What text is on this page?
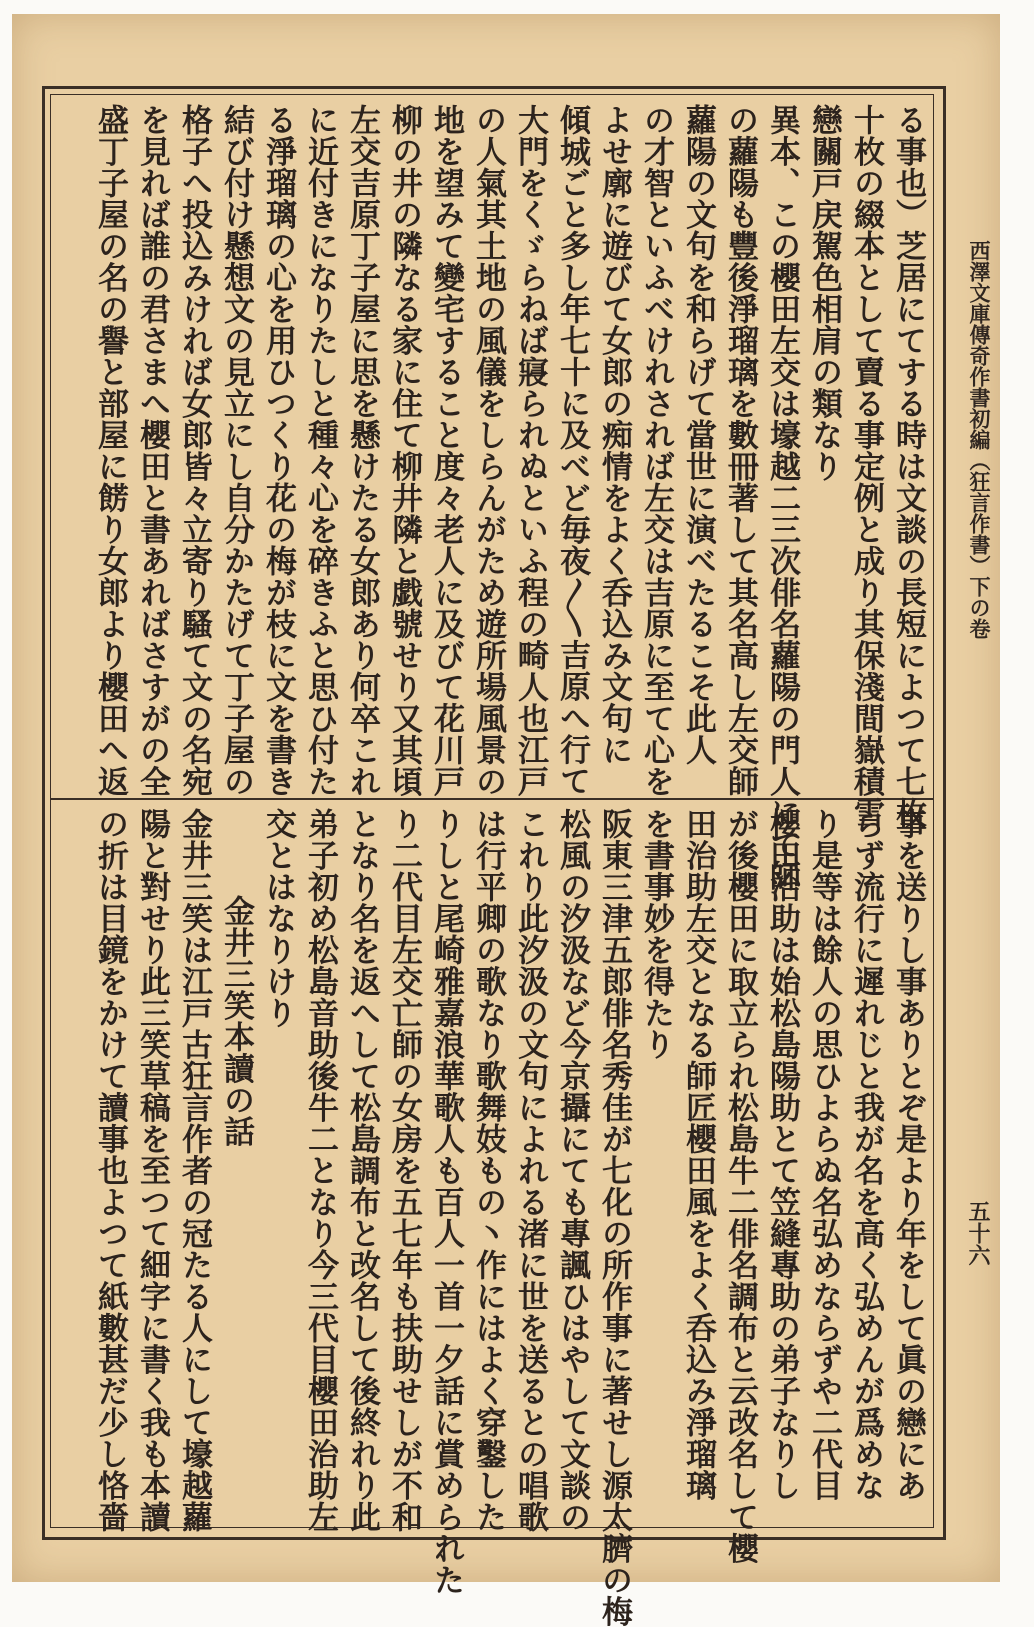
西澤文庫傳奇作書初編（狂言作書）下の卷
五十六
る事也）芝居にてする時は文談の長短によつて七枚
十枚の綴本として賣る事定例と成り其保淺間嶽積雪
戀關戸戻駕色相肩の類なり
異本、この櫻田左交は壕越二三次俳名蘿陽の門人にて師
の蘿陽も豐後淨瑠璃を數冊著して其名高し左交師
蘿陽の文句を和らげて當世に演べたるこそ此人
の才智といふべけれされば左交は吉原に至て心を
よせ廓に遊びて女郎の痴情をよく呑込み文句に
傾城ごと多し年七十に及べど毎夜〳〵吉原へ行て
大門をくゞらねば寢られぬといふ程の畸人也江戸
の人氣其土地の風儀をしらんがため遊所場風景の
地を望みて變宅すること度々老人に及びて花川戸
柳の井の隣なる家に住て柳井隣と戯號せり又其頃
左交吉原丁子屋に思を懸けたる女郎あり何卒これ
に近付きになりたしと種々心を碎きふと思ひ付た
る淨瑠璃の心を用ひつくり花の梅が枝に文を書き
結び付け懸想文の見立にし自分かたげて丁子屋の
格子へ投込みければ女郎皆々立寄り騷て文の名宛
を見れば誰の君さまへ櫻田と書あればさすがの全
盛丁子屋の名の譽と部屋に餝り女郎より櫻田へ返
事を送りし事ありとぞ是より年をして眞の戀にあ
らず流行に遲れじと我が名を高く弘めんが爲めな
り是等は餘人の思ひよらぬ名弘めならずや二代目
櫻田治助は始松島陽助とて笠縫專助の弟子なりし
が後櫻田に取立られ松島牛二俳名調布と云改名して櫻
田治助左交となる師匠櫻田風をよく呑込み淨瑠璃
を書事妙を得たり
阪東三津五郎俳名秀佳が七化の所作事に著せし源太臍の梅
松風の汐汲など今京攝にても專諷ひはやして文談の
これり此汐汲の文句によれる渚に世を送るとの唱歌
は行平卿の歌なり歌舞妓もの丶作にはよく穿鑿した
りしと尾崎雅嘉浪華歌人も百人一首一夕話に賞められた
り二代目左交亡師の女房を五七年も扶助せしが不和
となり名を返へして松島調布と改名して後終れり此
弟子初め松島音助後牛二となり今三代目櫻田治助左
交とはなりけり
金井三笑本讀の話
金井三笑は江戸古狂言作者の冠たる人にして壕越蘿
陽と對せり此三笑草稿を至つて細字に書く我も本讀
の折は目鏡をかけて讀事也よつて紙數甚だ少し恪嗇
